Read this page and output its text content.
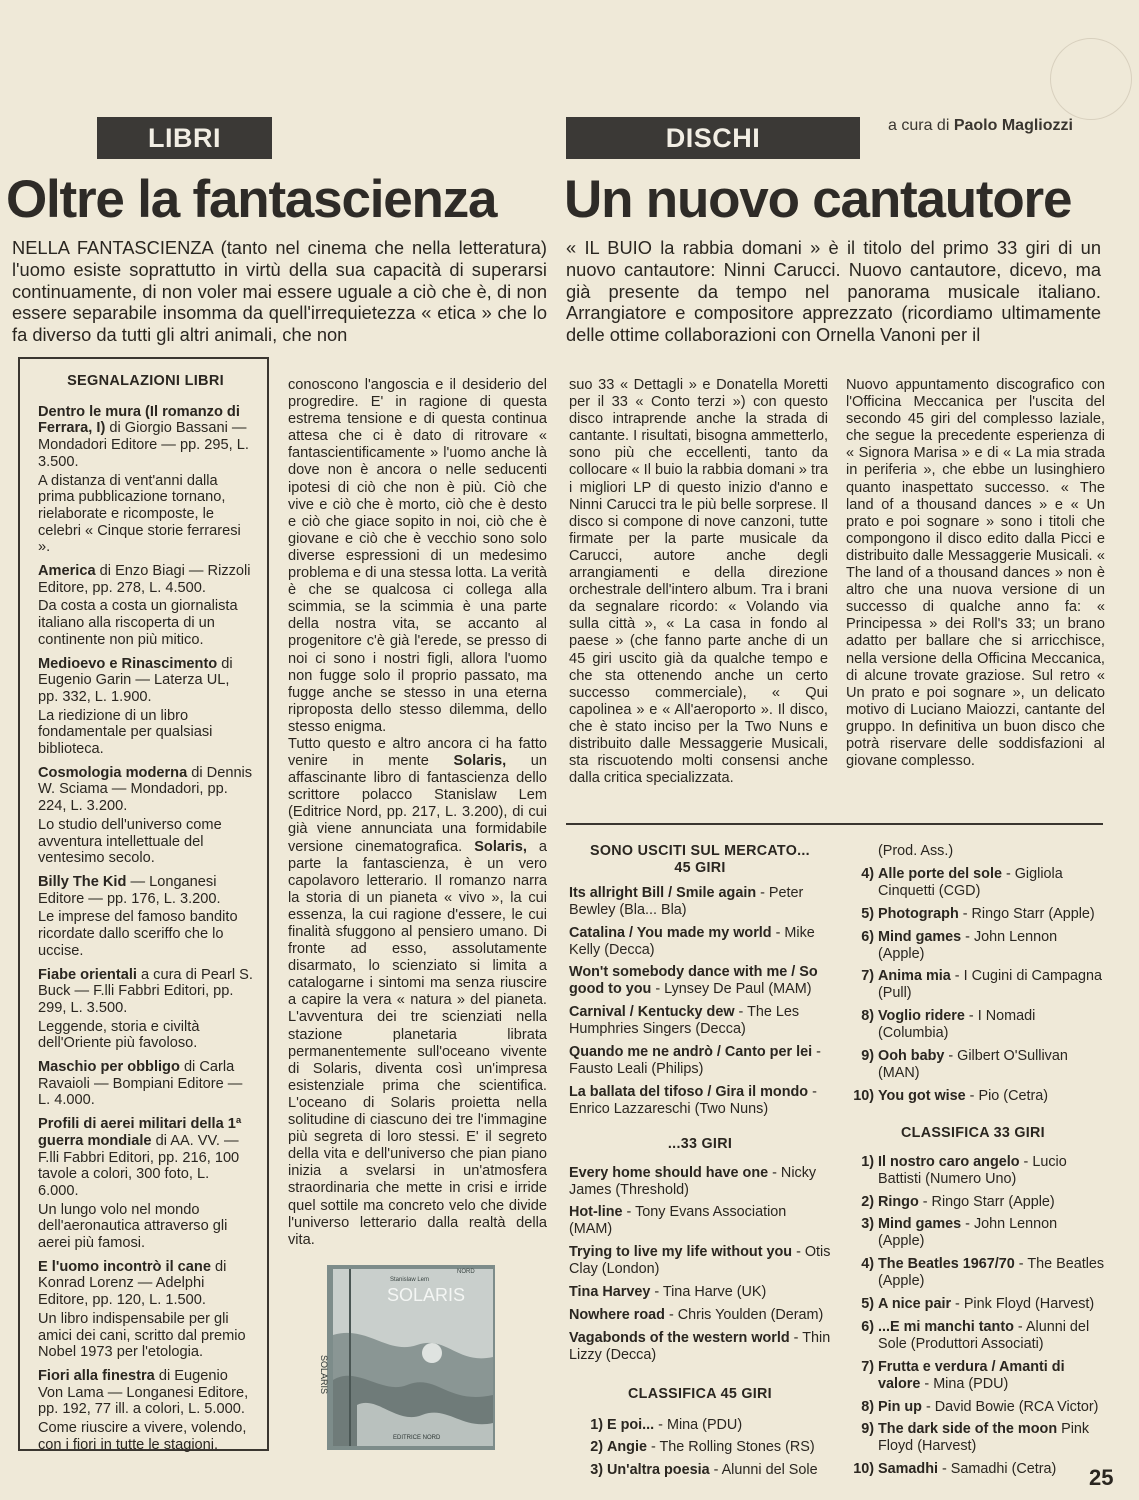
LIBRI	DISCHI	a cura di Paolo Magliozzi
Oltre la fantascienza Un nuovo cantautore
NELLA FANTASCIENZA (tanto nel cinema che nella letteratura) l'uomo esiste soprattutto in virtù della sua capacità di superarsi continuamente, di non voler mai essere uguale a ciò che è, di non essere separabile insomma da quell'irrequietezza « etica » che lo fa diverso da tutti gli altri animali, che non
« IL BUIO la rabbia domani » è il titolo del primo 33 giri di un nuovo cantautore: Ninni Carucci. Nuovo cantautore, dicevo, ma già presente da tempo nel panorama musicale italiano. Arrangiatore e compositore apprezzato (ricordiamo ultimamente delle ottime collaborazioni con Ornella Vanoni per il
SEGNALAZIONI LIBRI
Dentro le mura (Il romanzo di Ferrara, I) di Giorgio Bassani — Mondadori Editore — pp. 295, L. 3.500.
A distanza di vent'anni dalla prima pubblicazione tornano, rielaborate e ricomposte, le celebri « Cinque storie ferraresi ».
America di Enzo Biagi — Rizzoli Editore, pp. 278, L. 4.500.
Da costa a costa un giornalista italiano alla riscoperta di un continente non più mitico.
Medioevo e Rinascimento di Eugenio Garin — Laterza UL, pp. 332, L. 1.900.
La riedizione di un libro fondamentale per qualsiasi biblioteca.
Cosmologia moderna di Dennis W. Sciama — Mondadori, pp. 224, L. 3.200.
Lo studio dell'universo come avventura intellettuale del ventesimo secolo.
Billy The Kid — Longanesi Editore — pp. 176, L. 3.200.
Le imprese del famoso bandito ricordate dallo sceriffo che lo uccise.
Fiabe orientali a cura di Pearl S. Buck — F.lli Fabbri Editori, pp. 299, L. 3.500.
Leggende, storia e civiltà dell'Oriente più favoloso.
Maschio per obbligo di Carla Ravaioli — Bompiani Editore — L. 4.000.
Profili di aerei militari della 1ª guerra mondiale di AA. VV. — F.lli Fabbri Editori, pp. 216, 100 tavole a colori, 300 foto, L. 6.000.
Un lungo volo nel mondo dell'aeronautica attraverso gli aerei più famosi.
E l'uomo incontrò il cane di Konrad Lorenz — Adelphi Editore, pp. 120, L. 1.500.
Un libro indispensabile per gli amici dei cani, scritto dal premio Nobel 1973 per l'etologia.
Fiori alla finestra di Eugenio Von Lama — Longanesi Editore, pp. 192, 77 ill. a colori, L. 5.000.
Come riuscire a vivere, volendo, con i fiori in tutte le stagioni.

conoscono l'angoscia e il desiderio del progredire. E' in ragione di questa estrema tensione e di questa continua attesa che ci è dato di ritrovare « fantascientificamente » l'uomo anche là dove non è ancora o nelle seducenti ipotesi di ciò che non è più. Ciò che vive e ciò che è morto, ciò che è desto e ciò che giace sopito in noi, ciò che è giovane e ciò che è vecchio sono solo diverse espressioni di un medesimo problema e di una stessa lotta. La verità è che se qualcosa ci collega alla scimmia, se la scimmia è una parte della nostra vita, se accanto al progenitore c'è già l'erede, se presso di noi ci sono i nostri figli, allora l'uomo non fugge solo il proprio passato, ma fugge anche se stesso in una eterna riproposta dello stesso dilemma, dello stesso enigma.

Tutto questo e altro ancora ci ha fatto venire in mente Solaris, un affascinante libro di fantascienza dello scrittore polacco Stanislaw Lem (Editrice Nord, pp. 217, L. 3.200), di cui già viene annunciata una formidabile versione cinematografica. Solaris, a parte la fantascienza, è un vero capolavoro letterario. Il romanzo narra la storia di un pianeta « vivo », la cui essenza, la cui ragione d'essere, le cui finalità sfuggono al pensiero umano. Di fronte ad esso, assolutamente disarmato, lo scienziato si limita a catalogarne i sintomi ma senza riuscire a capire la vera « natura » del pianeta. L'avventura dei tre scienziati nella stazione planetaria librata permanentemente sull'oceano vivente di Solaris, diventa così un'impresa esistenziale prima che scientifica. L'oceano di Solaris proietta nella solitudine di ciascuno dei tre l'immagine più segreta di loro stessi. E' il segreto della vita e dell'universo che pian piano inizia a svelarsi in un'atmosfera straordinaria che mette in crisi e irride quel sottile ma concreto velo che divide l'universo letterario dalla realtà della vita.

Stanislaw Lem
SOLARIS
NORD
SOLARIS
EDITRICE NORD
suo 33 « Dettagli » e Donatella Moretti per il 33 « Conto terzi ») con questo disco intraprende anche la strada di cantante. I risultati, bisogna ammetterlo, sono più che eccellenti, tanto da collocare « Il buio la rabbia domani » tra i migliori LP di questo inizio d'anno e Ninni Carucci tra le più belle sorprese. Il disco si compone di nove canzoni, tutte firmate per la parte musicale da Carucci, autore anche degli arrangiamenti e della direzione orchestrale dell'intero album. Tra i brani da segnalare ricordo: « Volando via sulla città », « La casa in fondo al paese » (che fanno parte anche di un 45 giri uscito già da qualche tempo e che sta ottenendo anche un certo successo commerciale), « Qui capolinea » e « All'aeroporto ». Il disco, che è stato inciso per la Two Nuns e distribuito dalle Messaggerie Musicali, sta riscuotendo molti consensi anche dalla critica specializzata.
Nuovo appuntamento discografico con l'Officina Meccanica per l'uscita del secondo 45 giri del complesso laziale, che segue la precedente esperienza di « Signora Marisa » e di « La mia strada in periferia », che ebbe un lusinghiero quanto inaspettato successo. « The land of a thousand dances » e « Un prato e poi sognare » sono i titoli che compongono il disco edito dalla Picci e distribuito dalle Messaggerie Musicali. « The land of a thousand dances » non è altro che una nuova versione di un successo di qualche anno fa: « Principessa » dei Roll's 33; un brano adatto per ballare che si arricchisce, nella versione della Officina Meccanica, di alcune trovate graziose. Sul retro « Un prato e poi sognare », un delicato motivo di Luciano Maiozzi, cantante del gruppo. In definitiva un buon disco che potrà riservare delle soddisfazioni al giovane complesso.
SONO USCITI SUL MERCATO...
45 GIRI
Its allright Bill / Smile again - Peter Bewley (Bla... Bla)
Catalina / You made my world - Mike Kelly (Decca)
Won't somebody dance with me / So good to you - Lynsey De Paul (MAM)
Carnival / Kentucky dew - The Les Humphries Singers (Decca)
Quando me ne andrò / Canto per lei - Fausto Leali (Philips)
La ballata del tifoso / Gira il mondo - Enrico Lazzareschi (Two Nuns)
...33 GIRI
Every home should have one - Nicky James (Threshold)
Hot-line - Tony Evans Association (MAM)
Trying to live my life without you - Otis Clay (London)
Tina Harvey - Tina Harve (UK)
Nowhere road - Chris Youlden (Deram)
Vagabonds of the western world - Thin Lizzy (Decca)
CLASSIFICA 45 GIRI
1) E poi... - Mina (PDU)
2) Angie - The Rolling Stones (RS)
3) Un'altra poesia - Alunni del Sole
(Prod. Ass.)
4) Alle porte del sole - Gigliola Cinquetti (CGD)
5) Photograph - Ringo Starr (Apple)
6) Mind games - John Lennon (Apple)
7) Anima mia - I Cugini di Campagna (Pull)
8) Voglio ridere - I Nomadi (Columbia)
9) Ooh baby - Gilbert O'Sullivan (MAN)
10) You got wise - Pio (Cetra)
CLASSIFICA 33 GIRI
1) Il nostro caro angelo - Lucio Battisti (Numero Uno)
2) Ringo - Ringo Starr (Apple)
3) Mind games - John Lennon (Apple)
4) The Beatles 1967/70 - The Beatles (Apple)
5) A nice pair - Pink Floyd (Harvest)
6) ...E mi manchi tanto - Alunni del Sole (Produttori Associati)
7) Frutta e verdura / Amanti di valore - Mina (PDU)
8) Pin up - David Bowie (RCA Victor)
9) The dark side of the moon Pink Floyd (Harvest)
10) Samadhi - Samadhi (Cetra)	25
